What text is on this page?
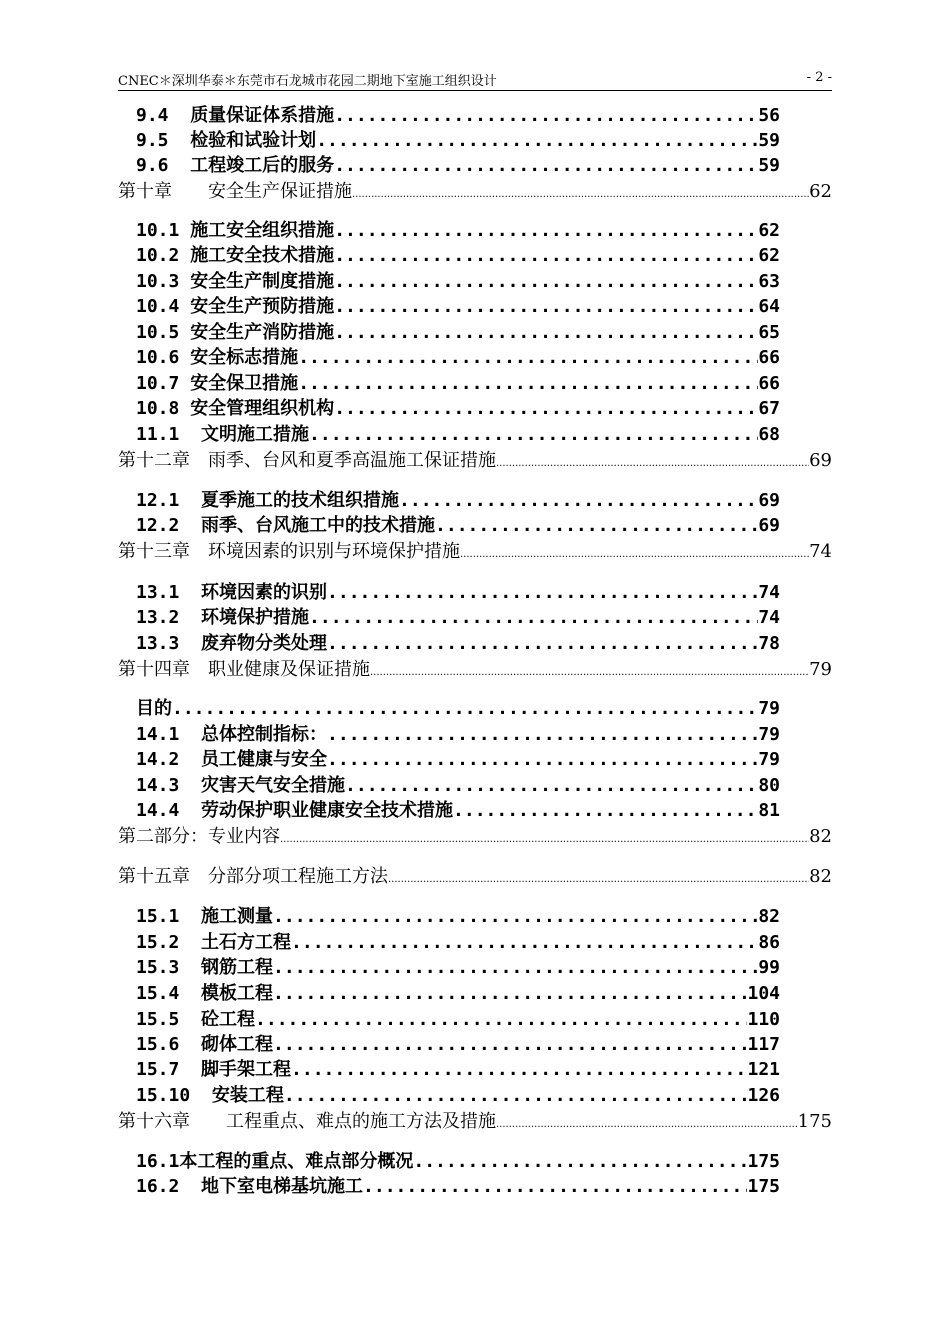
CNEC＊深圳华泰＊东莞市石龙城市花园二期地下室施工组织设计	- 2 -
9.4  质量保证体系措施 .....	56
9.5  检验和试验计划 .....	59
9.6  工程竣工后的服务 .....	59
第十章　　安全生产保证措施 .....	62
10.1 施工安全组织措施 .....	62
10.2 施工安全技术措施 .....	62
10.3 安全生产制度措施 .....	63
10.4 安全生产预防措施 .....	64
10.5 安全生产消防措施 .....	65
10.6 安全标志措施 .....	66
10.7 安全保卫措施 .....	66
10.8 安全管理组织机构 .....	67
11.1  文明施工措施 .....	68
第十二章　雨季、台风和夏季高温施工保证措施 .....	69
12.1  夏季施工的技术组织措施 .....	69
12.2  雨季、台风施工中的技术措施 .....	69
第十三章　环境因素的识别与环境保护措施 .....	74
13.1  环境因素的识别 .....	74
13.2  环境保护措施 .....	74
13.3  废弃物分类处理 .....	78
第十四章　职业健康及保证措施 .....	79
目的 .....	79
14.1  总体控制指标： .....	79
14.2  员工健康与安全 .....	79
14.3  灾害天气安全措施 .....	80
14.4  劳动保护职业健康安全技术措施 .....	81
第二部分：专业内容 .....	82
第十五章　分部分项工程施工方法 .....	82
15.1  施工测量 .....	82
15.2  土石方工程 .....	86
15.3  钢筋工程 .....	99
15.4  模板工程 .....	104
15.5  砼工程 .....	110
15.6  砌体工程 .....	117
15.7  脚手架工程 .....	121
15.10  安装工程 .....	126
第十六章　　工程重点、难点的施工方法及措施 .....	175
16.1本工程的重点、难点部分概况 .....	175
16.2  地下室电梯基坑施工 .....	175
